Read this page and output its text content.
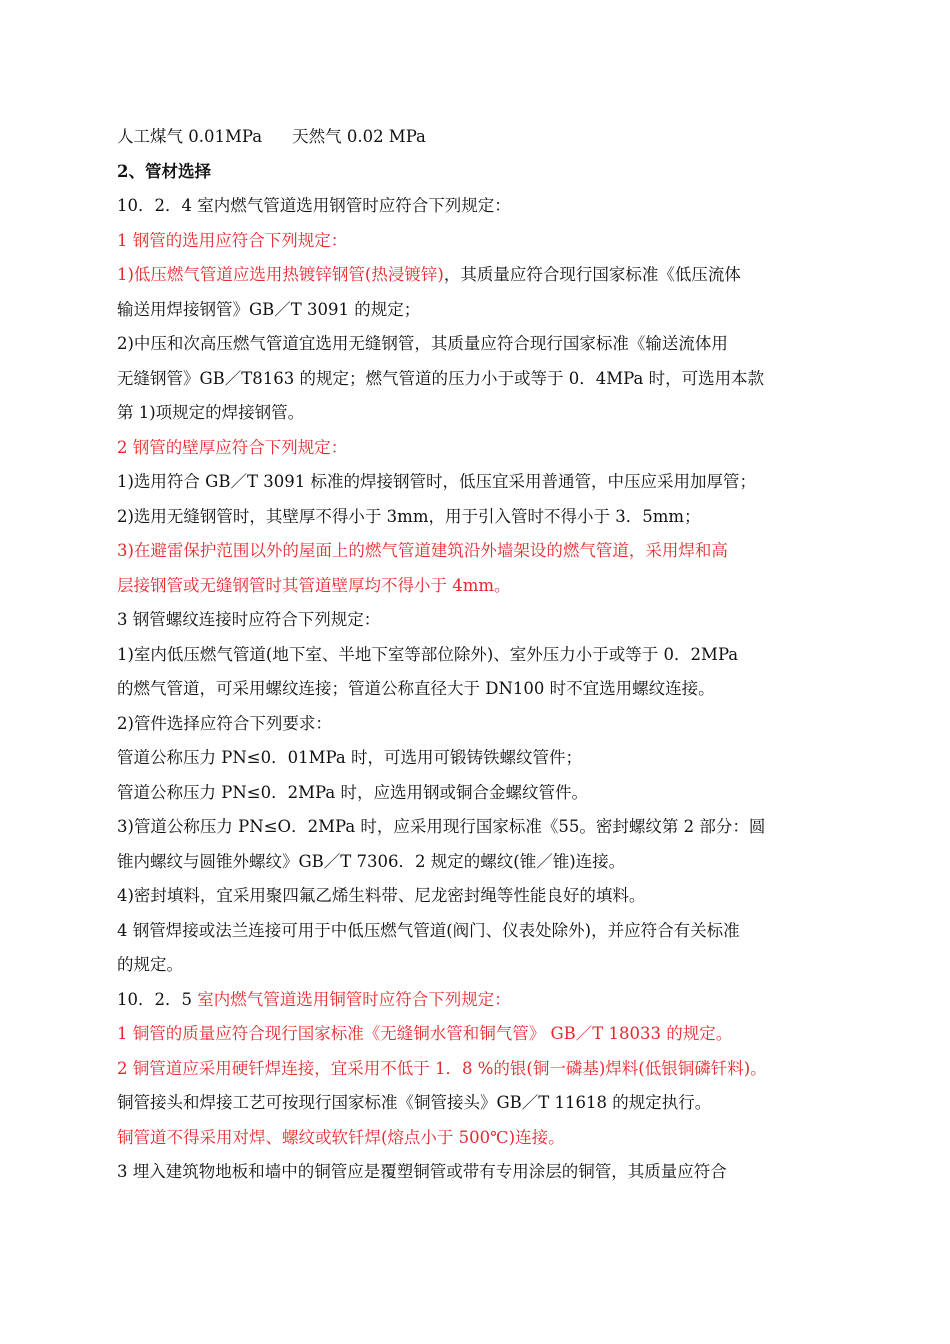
人工煤气 0.01MPa 天然气 0.02 MPa
2、管材选择
10．2．4 室内燃气管道选用钢管时应符合下列规定：
1 钢管的选用应符合下列规定：
1)低压燃气管道应选用热镀锌钢管(热浸镀锌)，其质量应符合现行国家标准《低压流体
输送用焊接钢管》GB／T 3091 的规定；
2)中压和次高压燃气管道宜选用无缝钢管，其质量应符合现行国家标准《输送流体用
无缝钢管》GB／T8163 的规定；燃气管道的压力小于或等于 0．4MPa 时，可选用本款
第 1)项规定的焊接钢管。
2 钢管的壁厚应符合下列规定：
1)选用符合 GB／T 3091 标准的焊接钢管时，低压宜采用普通管，中压应采用加厚管；
2)选用无缝钢管时，其壁厚不得小于 3mm，用于引入管时不得小于 3．5mm；
3)在避雷保护范围以外的屋面上的燃气管道建筑沿外墙架设的燃气管道，采用焊和高
层接钢管或无缝钢管时其管道壁厚均不得小于 4mm。
3 钢管螺纹连接时应符合下列规定：
1)室内低压燃气管道(地下室、半地下室等部位除外)、室外压力小于或等于 0．2MPa
的燃气管道，可采用螺纹连接；管道公称直径大于 DN100 时不宜选用螺纹连接。
2)管件选择应符合下列要求：
管道公称压力 PN≤0．01MPa 时，可选用可锻铸铁螺纹管件；
管道公称压力 PN≤0．2MPa 时，应选用钢或铜合金螺纹管件。
3)管道公称压力 PN≤O．2MPa 时，应采用现行国家标准《55。密封螺纹第 2 部分：圆
锥内螺纹与圆锥外螺纹》GB／T 7306．2 规定的螺纹(锥／锥)连接。
4)密封填料，宜采用聚四氟乙烯生料带、尼龙密封绳等性能良好的填料。
4 钢管焊接或法兰连接可用于中低压燃气管道(阀门、仪表处除外)，并应符合有关标准
的规定。
10．2．5 室内燃气管道选用铜管时应符合下列规定：
1 铜管的质量应符合现行国家标准《无缝铜水管和铜气管》 GB／T 18033 的规定。
2 铜管道应采用硬钎焊连接，宜采用不低于 1．8 %的银(铜一磷基)焊料(低银铜磷钎料)。
铜管接头和焊接工艺可按现行国家标准《铜管接头》GB／T 11618 的规定执行。
铜管道不得采用对焊、螺纹或软钎焊(熔点小于 500℃)连接。
3 埋入建筑物地板和墙中的铜管应是覆塑铜管或带有专用涂层的铜管，其质量应符合
